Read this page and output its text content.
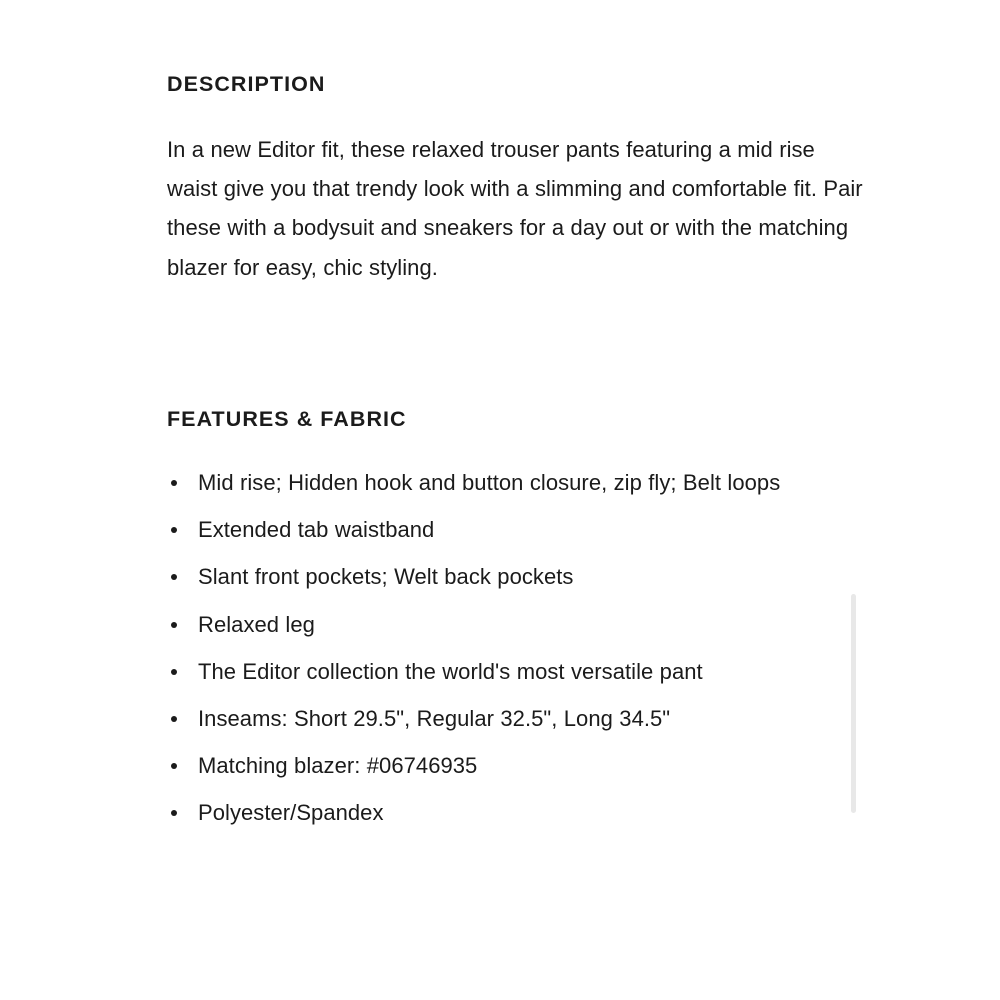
DESCRIPTION

In a new Editor fit, these relaxed trouser pants featuring a mid rise waist give you that trendy look with a slimming and comfortable fit. Pair these with a bodysuit and sneakers for a day out or with the matching blazer for easy, chic styling.

FEATURES & FABRIC
Mid rise; Hidden hook and button closure, zip fly; Belt loops
Extended tab waistband
Slant front pockets; Welt back pockets
Relaxed leg
The Editor collection the world's most versatile pant
Inseams: Short 29.5", Regular 32.5", Long 34.5"
Matching blazer: #06746935
Polyester/Spandex
